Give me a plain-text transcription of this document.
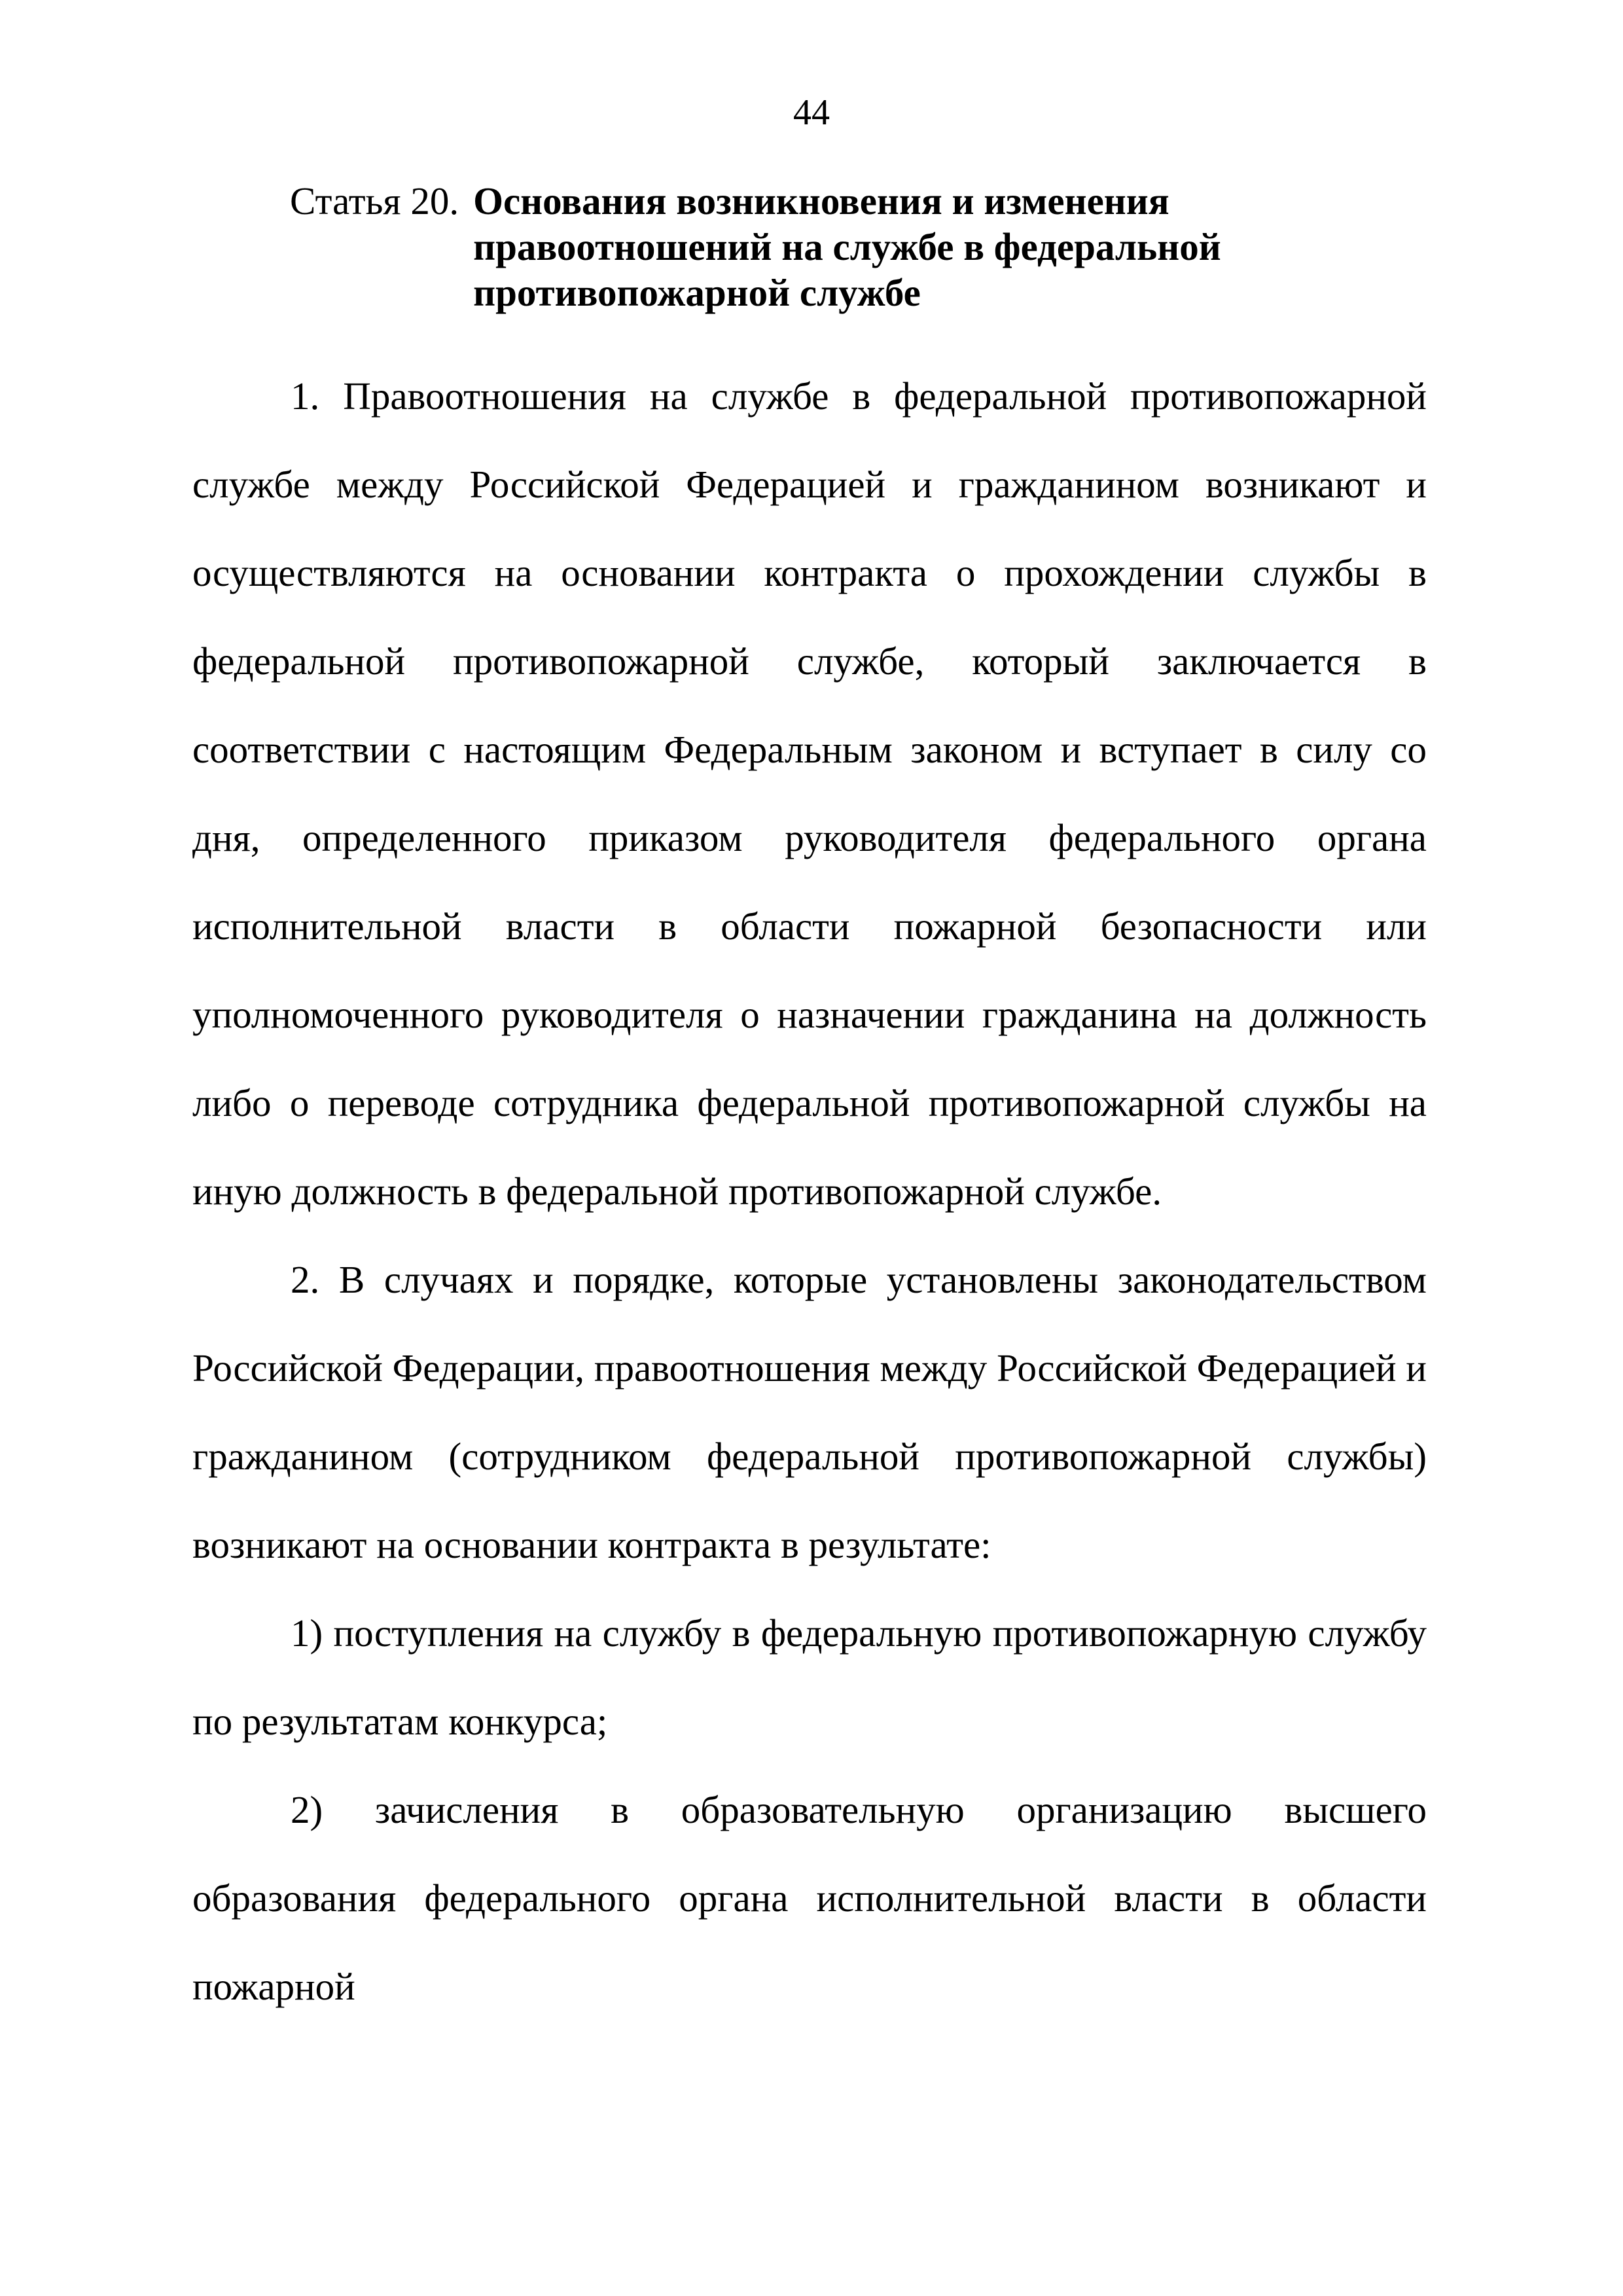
44
Статья 20. Основания возникновения и изменения правоотношений на службе в федеральной противопожарной службе

1. Правоотношения на службе в федеральной противопожарной службе между Российской Федерацией и гражданином возникают и осуществляются на основании контракта о прохождении службы в федеральной противопожарной службе, который заключается в соответствии с настоящим Федеральным законом и вступает в силу со дня, определенного приказом руководителя федерального органа исполнительной власти в области пожарной безопасности или уполномоченного руководителя о назначении гражданина на должность либо о переводе сотрудника федеральной противопожарной службы на иную должность в федеральной противопожарной службе.

2. В случаях и порядке, которые установлены законодательством Российской Федерации, правоотношения между Российской Федерацией и гражданином (сотрудником федеральной противопожарной службы) возникают на основании контракта в результате:

1) поступления на службу в федеральную противопожарную службу по результатам конкурса;

2) зачисления в образовательную организацию высшего образования федерального органа исполнительной власти в области пожарной
